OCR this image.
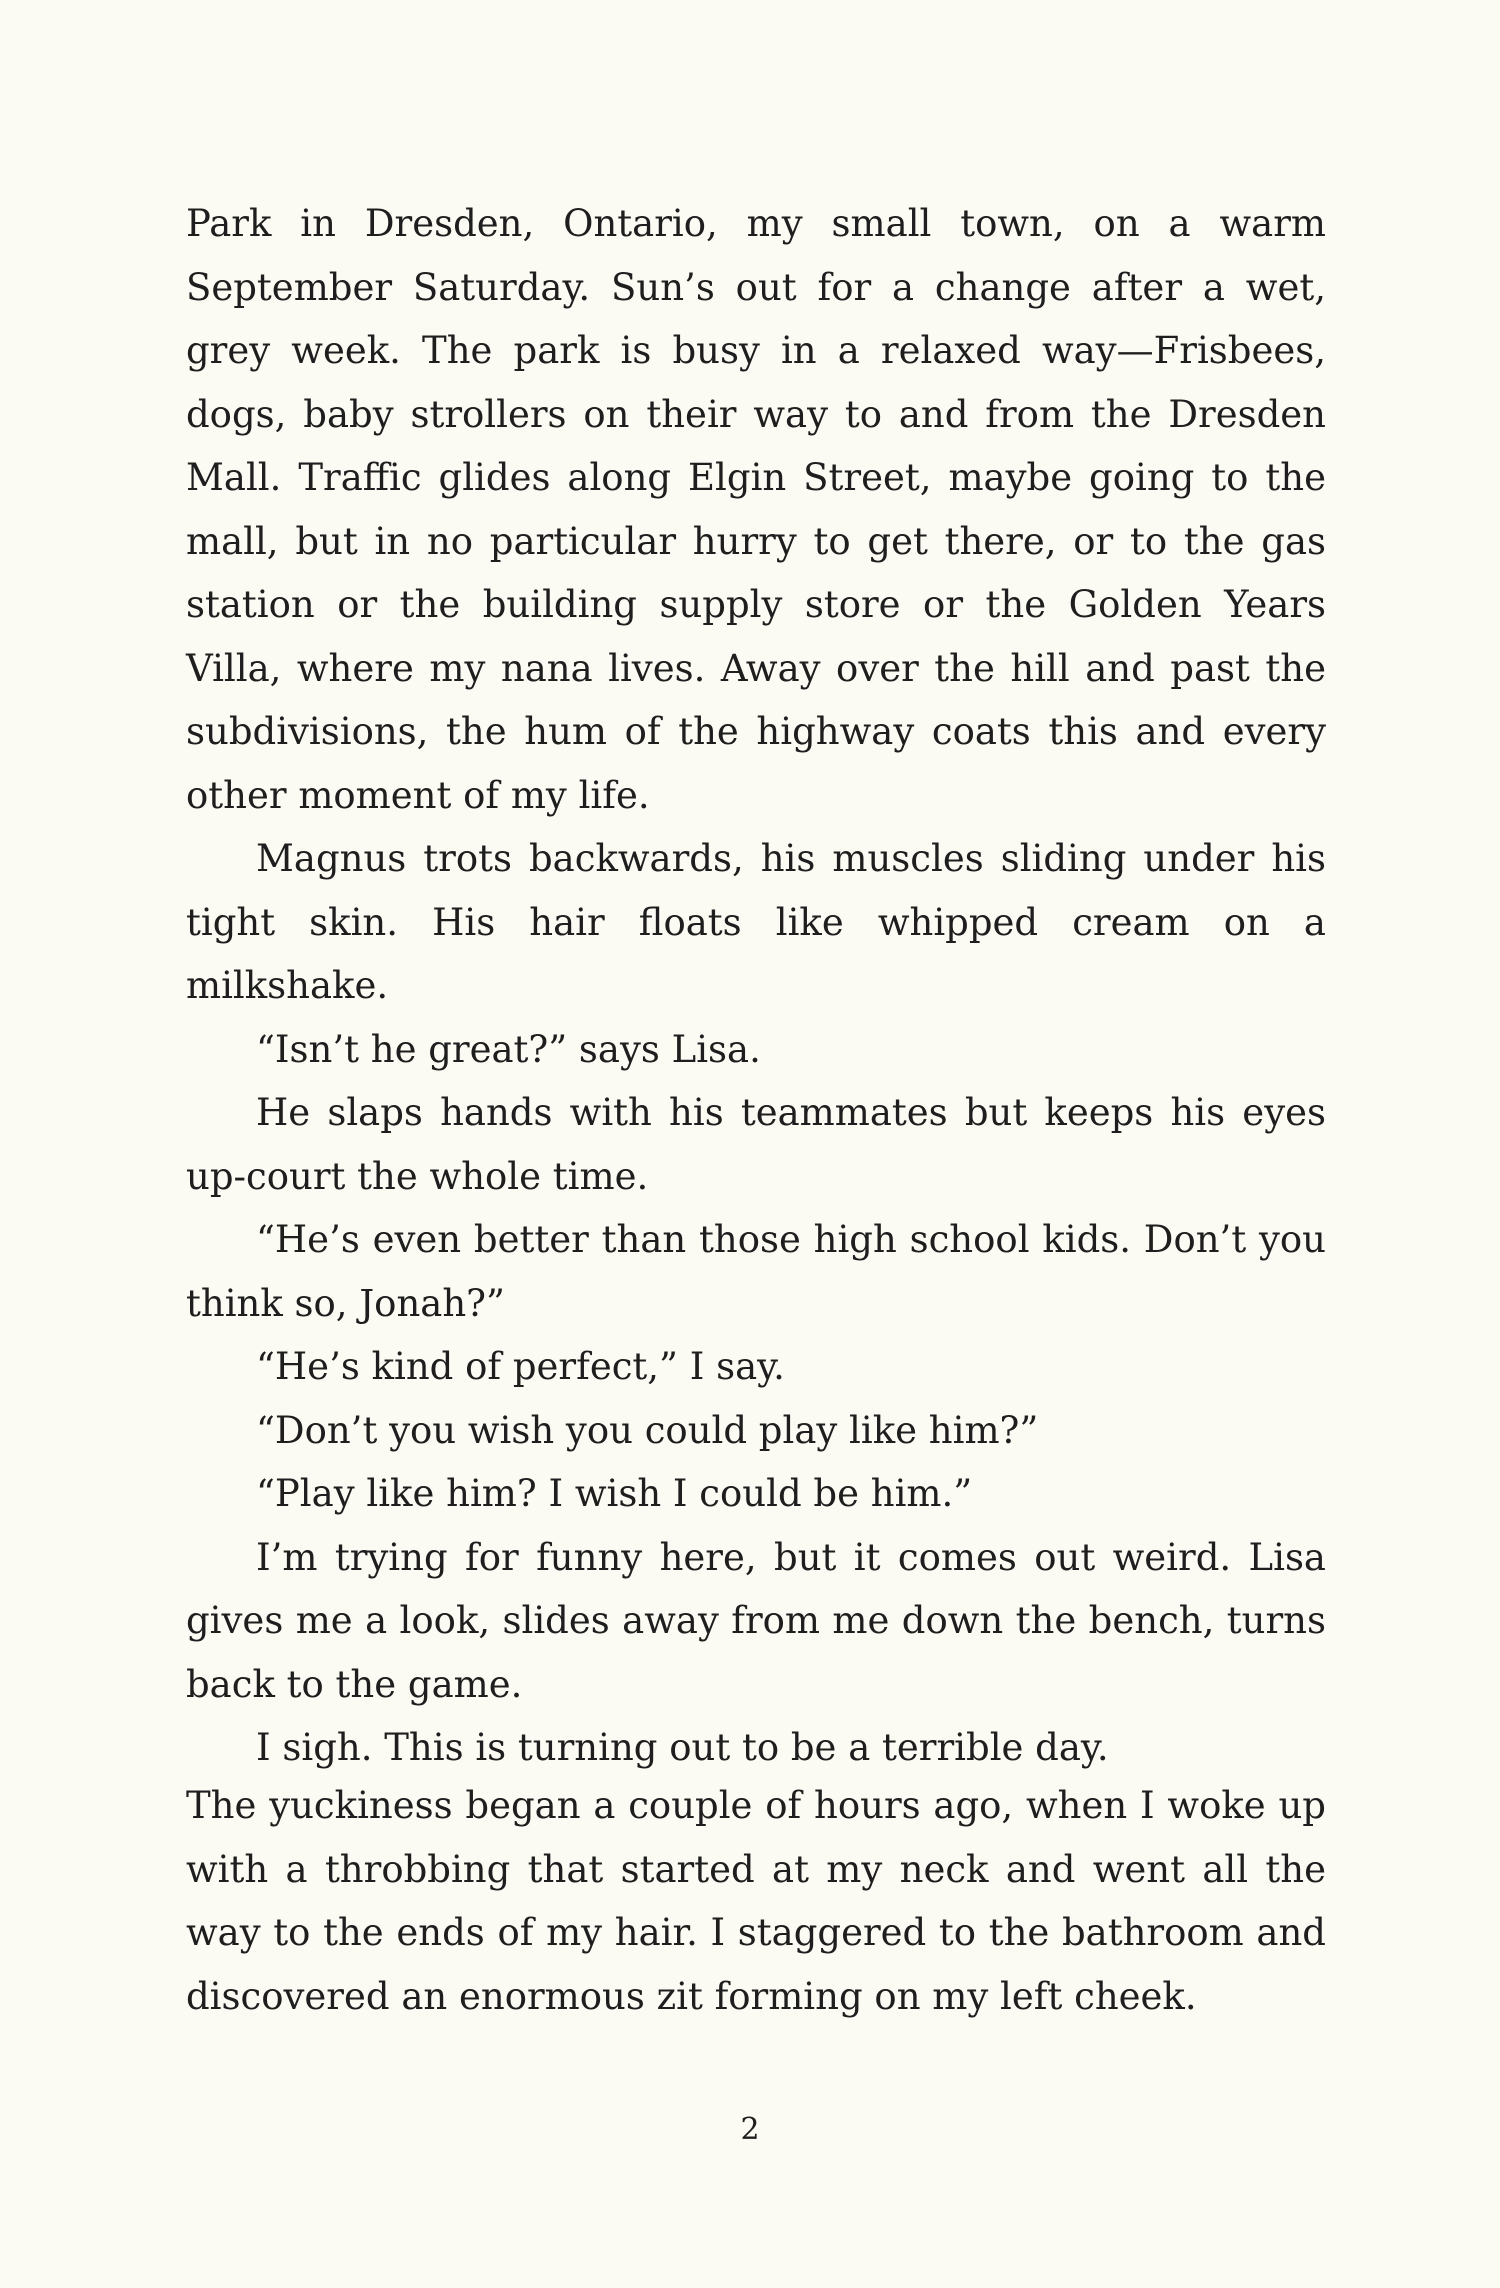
Park in Dresden, Ontario, my small town, on a warm September Saturday. Sun’s out for a change after a wet, grey week. The park is busy in a relaxed way—Frisbees, dogs, baby strollers on their way to and from the Dresden Mall. Traffic glides along Elgin Street, maybe going to the mall, but in no particular hurry to get there, or to the gas station or the building supply store or the Golden Years Villa, where my nana lives. Away over the hill and past the subdivisions, the hum of the highway coats this and every other moment of my life.

Magnus trots backwards, his muscles sliding under his tight skin. His hair floats like whipped cream on a milkshake.

“Isn’t he great?” says Lisa.

He slaps hands with his teammates but keeps his eyes up-court the whole time.

“He’s even better than those high school kids. Don’t you think so, Jonah?”

“He’s kind of perfect,” I say.

“Don’t you wish you could play like him?”

“Play like him? I wish I could be him.”

I’m trying for funny here, but it comes out weird. Lisa gives me a look, slides away from me down the bench, turns back to the game.

I sigh. This is turning out to be a terrible day.

The yuckiness began a couple of hours ago, when I woke up with a throbbing that started at my neck and went all the way to the ends of my hair. I staggered to the bathroom and discovered an enormous zit forming on my left cheek.

2
